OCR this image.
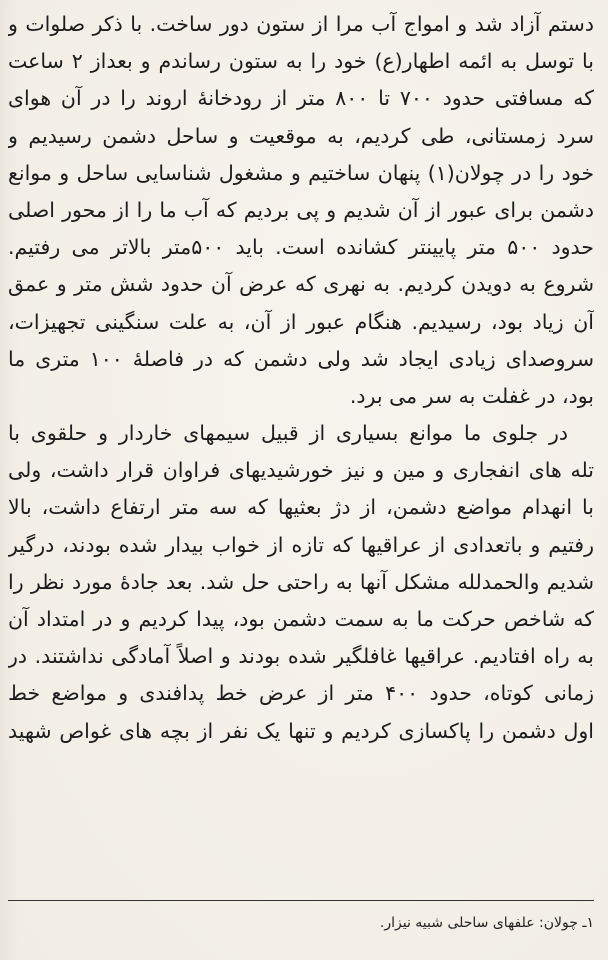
دستم آزاد شد و امواج آب مرا از ستون دور ساخت. با ذکر صلوات و
با توسل به ائمه اطهار(ع) خود را به ستون رساندم و بعداز ۲ ساعت
که مسافتی حدود ۷۰۰ تا ۸۰۰ متر از رودخانهٔ اروند را در آن هوای
سرد زمستانی، طی کردیم، به موقعیت و ساحل دشمن رسیدیم و
خود را در چولان(۱) پنهان ساختیم و مشغول شناسایی ساحل و موانع
دشمن برای عبور از آن شدیم و پی بردیم که آب ما را از محور اصلی
حدود ۵۰۰ متر پایینتر کشانده است. باید ۵۰۰متر بالاتر می رفتیم.
شروع به دویدن کردیم. به نهری که عرض آن حدود شش متر و عمق
آن زیاد بود، رسیدیم. هنگام عبور از آن، به علت سنگینی تجهیزات،
سروصدای زیادی ایجاد شد ولی دشمن که در فاصلهٔ ۱۰۰ متری ما
بود، در غفلت به سر می برد.
در جلوی ما موانع بسیاری از قبیل سیمهای خاردار و حلقوی با
تله های انفجاری و مین و نیز خورشیدیهای فراوان قرار داشت، ولی
با انهدام مواضع دشمن، از دژ بعثیها که سه متر ارتفاع داشت، بالا
رفتیم و باتعدادی از عراقیها که تازه از خواب بیدار شده بودند، درگیر
شدیم والحمدلله مشکل آنها به راحتی حل شد. بعد جادهٔ مورد نظر را
که شاخص حرکت ما به سمت دشمن بود، پیدا کردیم و در امتداد آن
به راه افتادیم. عراقیها غافلگیر شده بودند و اصلاً آمادگی نداشتند. در
زمانی کوتاه، حدود ۴۰۰ متر از عرض خط پدافندی و مواضع خط
اول دشمن را پاکسازی کردیم و تنها یک نفر از بچه های غواص شهید
۱ـ چولان: علفهای ساحلی شبیه نیزار.
